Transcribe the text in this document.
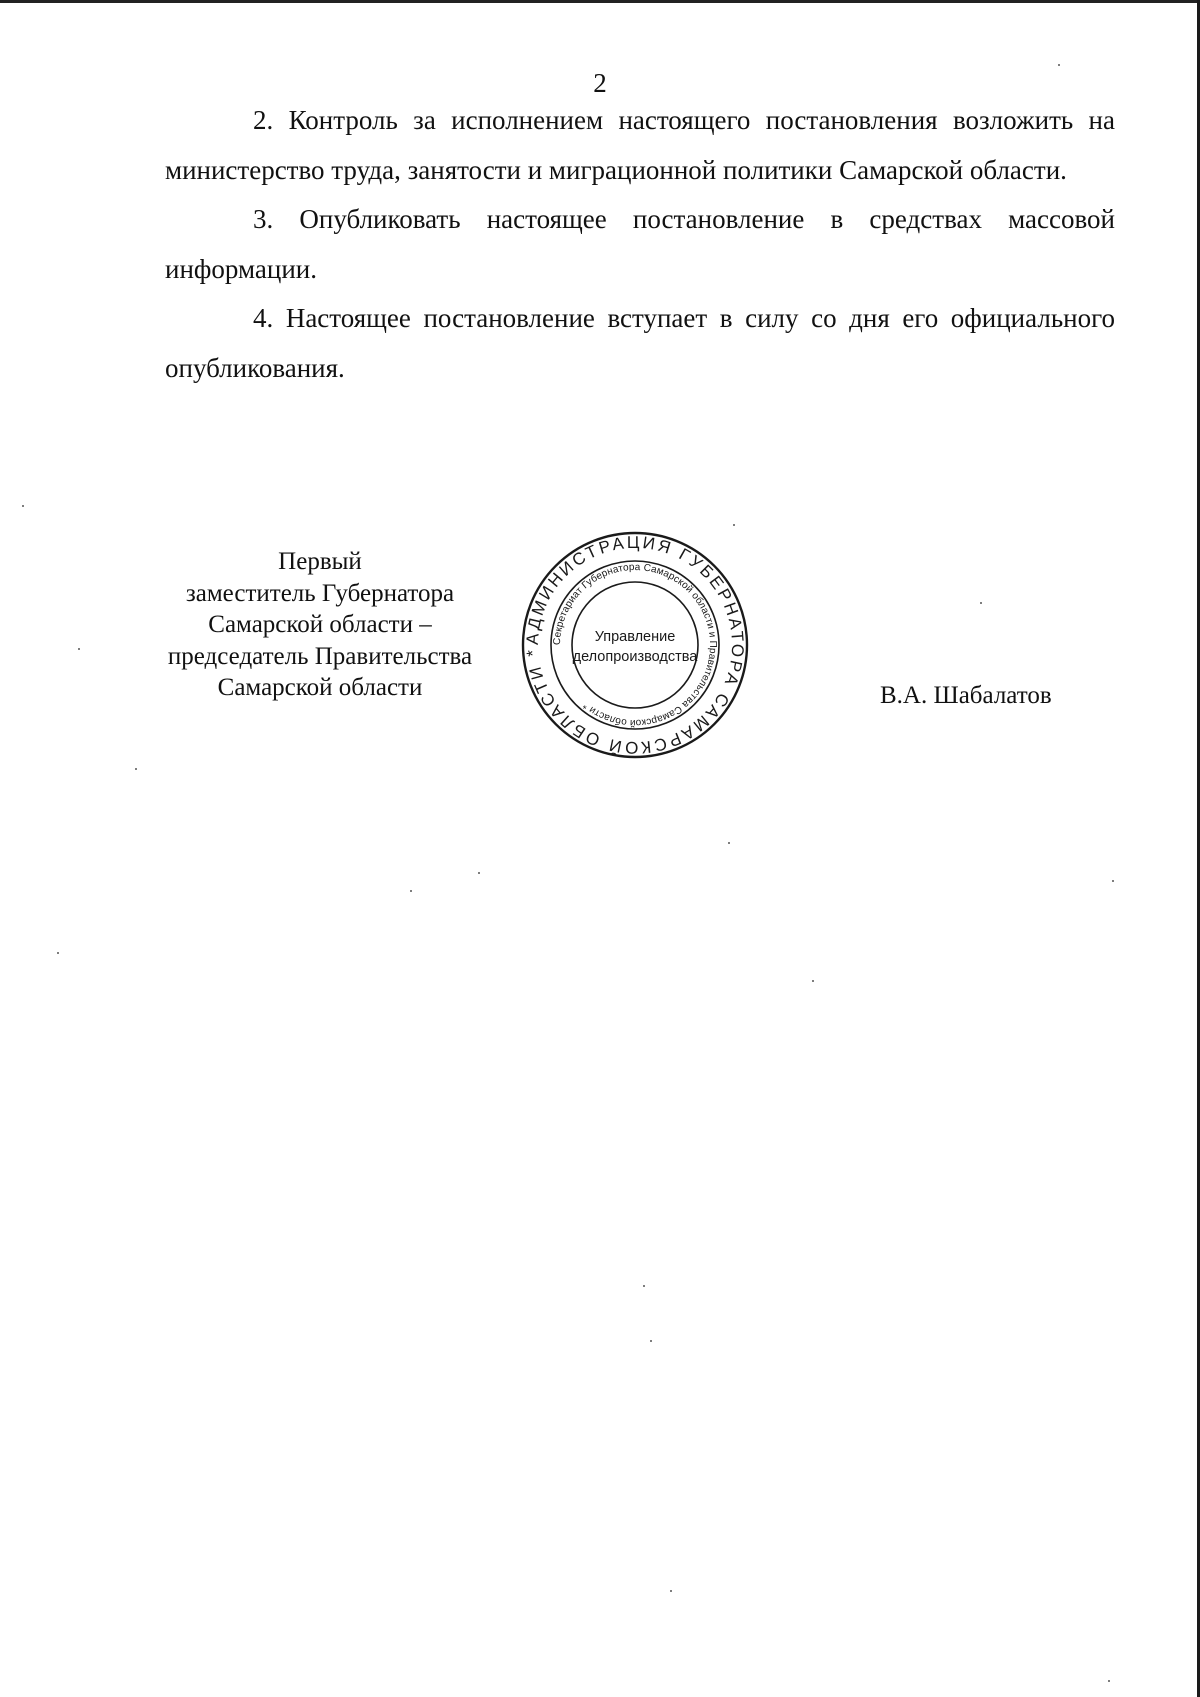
2

2. Контроль за исполнением настоящего постановления возложить на министерство труда, занятости и миграционной политики Самарской области.

3. Опубликовать настоящее постановление в средствах массовой информации.

4. Настоящее постановление вступает в силу со дня его официального опубликования.

Первый
заместитель Губернатора
Самарской области –
председатель Правительства
Самарской области
АДМИНИСТРАЦИЯ ГУБЕРНАТОРА САМАРСКОЙ ОБЛАСТИ *
Секретариат Губернатора Самарской области и Правительства Самарской области *
Управление
делопроизводства
В.А. Шабалатов
